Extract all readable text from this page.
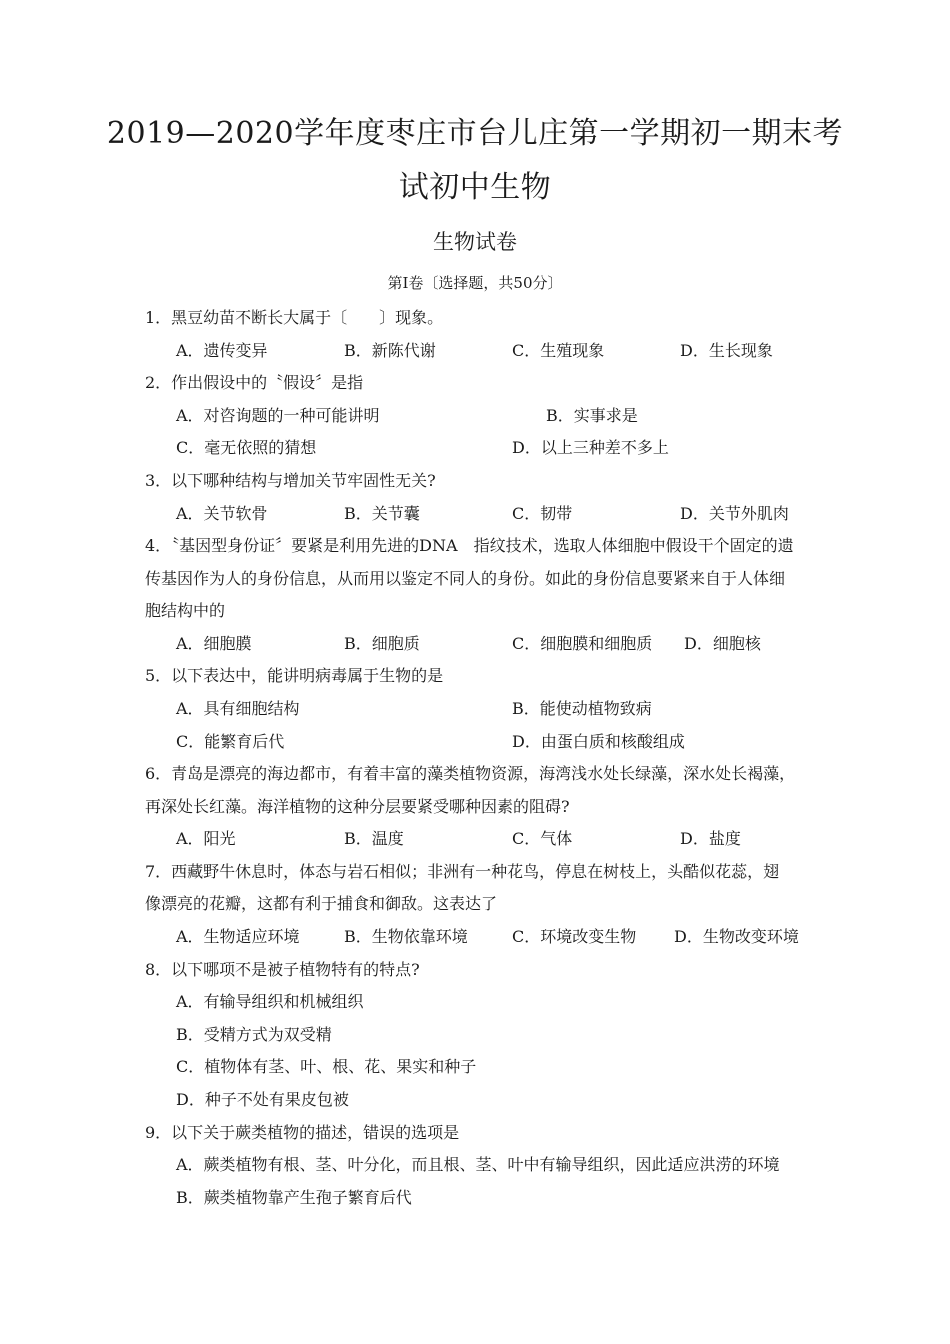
2019—2020学年度枣庄市台儿庄第一学期初一期末考
试初中生物
生物试卷
第Ⅰ卷〔选择题，共50分〕
1．黑豆幼苗不断长大属于〔　　〕现象。
A．遗传变异	B．新陈代谢	C．生殖现象	D．生长现象
2．作出假设中的〝假设〞是指
A．对咨询题的一种可能讲明	B．实事求是
C．毫无依照的猜想	D．以上三种差不多上
3．以下哪种结构与增加关节牢固性无关?
A．关节软骨	B．关节囊	C．韧带	D．关节外肌肉
4．〝基因型身份证〞要紧是利用先进的DNA　指纹技术，选取人体细胞中假设干个固定的遗
传基因作为人的身份信息，从而用以鉴定不同人的身份。如此的身份信息要紧来自于人体细
胞结构中的
A．细胞膜	B．细胞质	C．细胞膜和细胞质 D．细胞核
5．以下表达中，能讲明病毒属于生物的是
A．具有细胞结构	B．能使动植物致病
C．能繁育后代	D．由蛋白质和核酸组成
6．青岛是漂亮的海边都市，有着丰富的藻类植物资源，海湾浅水处长绿藻，深水处长褐藻，
再深处长红藻。海洋植物的这种分层要紧受哪种因素的阻碍?
A．阳光	B．温度	C．气体	D．盐度
7．西藏野牛休息时，体态与岩石相似；非洲有一种花鸟，停息在树枝上，头酷似花蕊，翅
像漂亮的花瓣，这都有利于捕食和御敌。这表达了
A．生物适应环境	B．生物依靠环境	C．环境改变生物 D．生物改变环境
8．以下哪项不是被子植物特有的特点?
A．有输导组织和机械组织
B．受精方式为双受精
C．植物体有茎、叶、根、花、果实和种子
D．种子不处有果皮包被
9．以下关于蕨类植物的描述，错误的选项是
A．蕨类植物有根、茎、叶分化，而且根、茎、叶中有输导组织，因此适应洪涝的环境
B．蕨类植物靠产生孢子繁育后代
